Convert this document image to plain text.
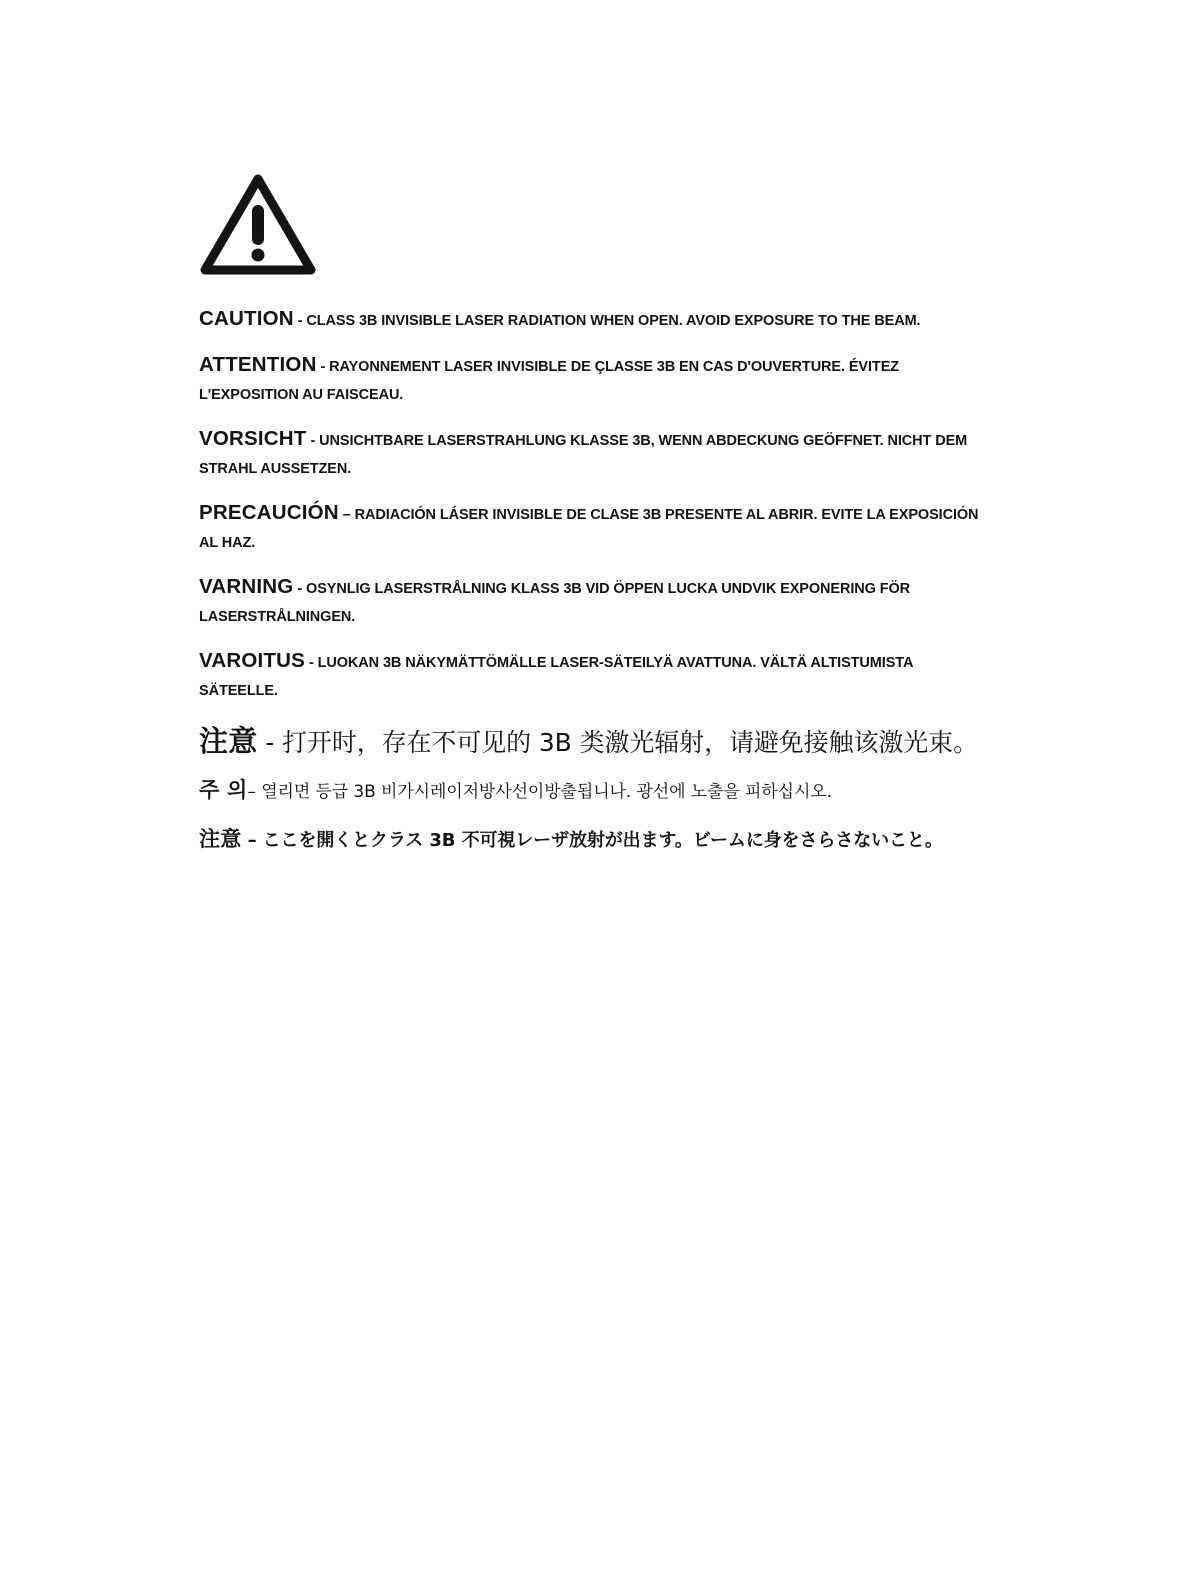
CAUTION - CLASS 3B INVISIBLE LASER RADIATION WHEN OPEN. AVOID EXPOSURE TO THE BEAM.

ATTENTION - RAYONNEMENT LASER INVISIBLE DE ÇLASSE 3B EN CAS D'OUVERTURE. ÉVITEZ L'EXPOSITION AU FAISCEAU.

VORSICHT - UNSICHTBARE LASERSTRAHLUNG KLASSE 3B, WENN ABDECKUNG GEÖFFNET. NICHT DEM STRAHL AUSSETZEN.

PRECAUCIÓN – RADIACIÓN LÁSER INVISIBLE DE CLASE 3B PRESENTE AL ABRIR. EVITE LA EXPOSICIÓN AL HAZ.

VARNING - OSYNLIG LASERSTRÅLNING KLASS 3B VID ÖPPEN LUCKA UNDVIK EXPONERING FÖR LASERSTRÅLNINGEN.

VAROITUS - LUOKAN 3B NÄKYMÄTTÖMÄLLE LASER-SÄTEILYÄ AVATTUNA. VÄLTÄ ALTISTUMISTA SÄTEELLE.

注意 - 打开时，存在不可见的 3B 类激光辐射，请避免接触该激光束。

주 의– 열리면 등급 3B 비가시레이저방사선이방출됩니나. 광선에 노출을 피하십시오.

注意 – ここを開くとクラス 3B 不可視レーザ放射が出ます。ビームに身をさらさないこと。
